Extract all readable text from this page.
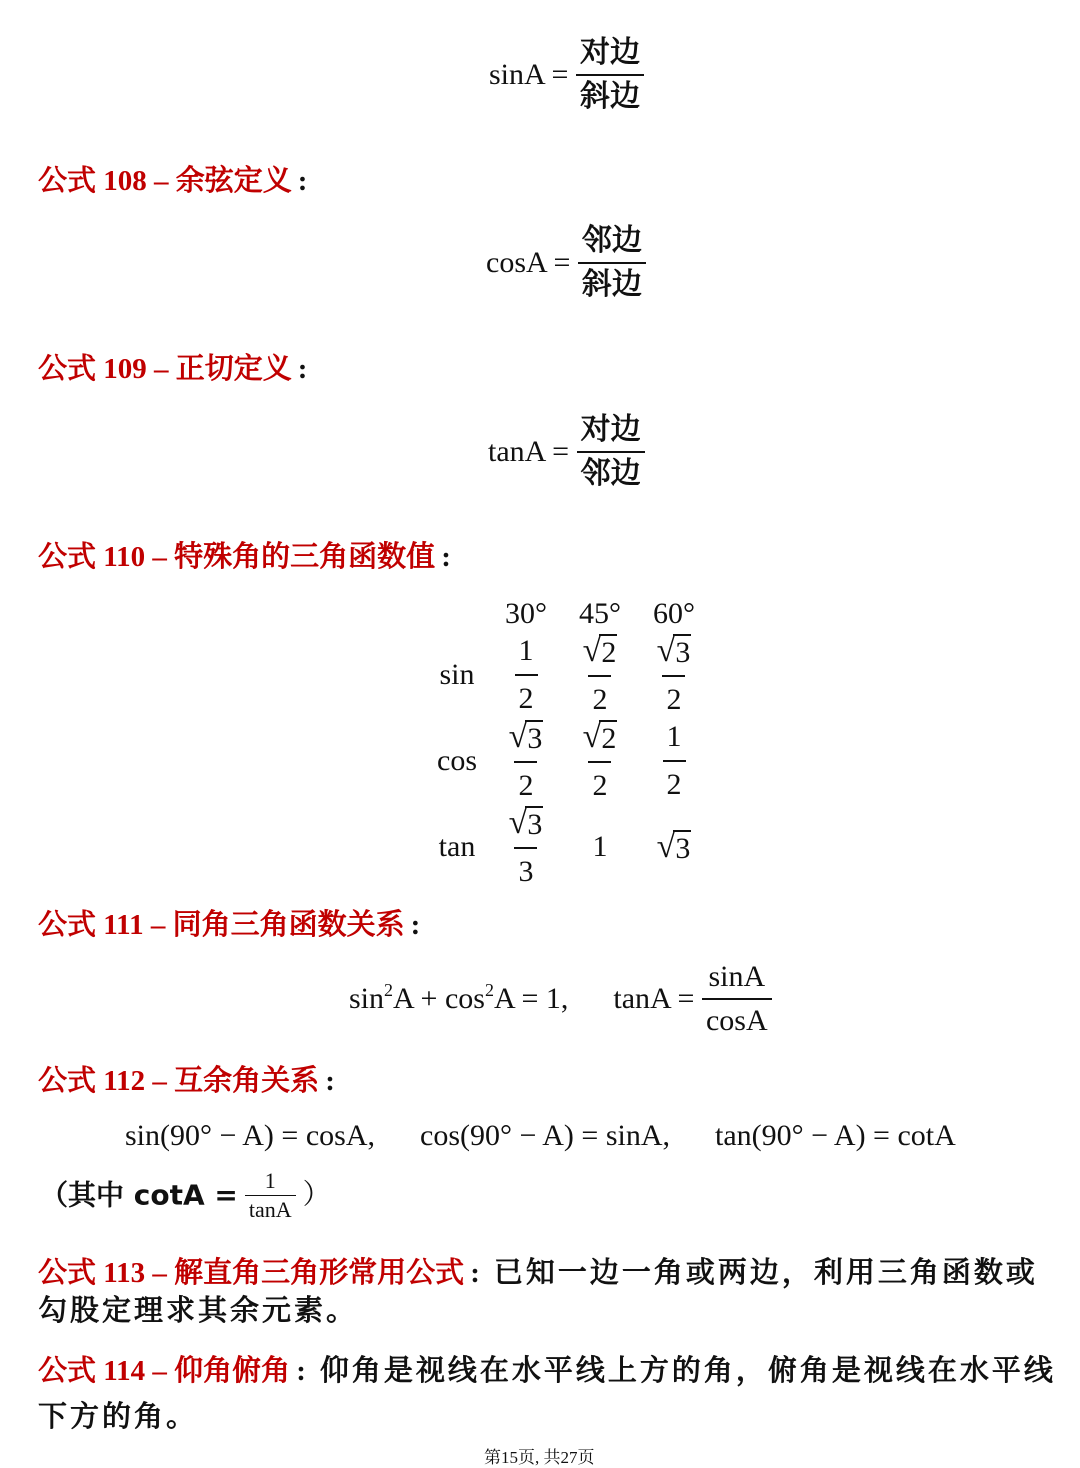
$\sin A = \frac{\text{对边}}{\text{斜边}}$
公式 108 – 余弦定义 :
$\cos A = \frac{\text{邻边}}{\text{斜边}}$
公式 109 – 正切定义 :
$\tan A = \frac{\text{对边}}{\text{邻边}}$
公式 110 – 特殊角的三角函数值 :
	30°	45°	60°
sin	$\frac{1}{2}$	$\frac{√ 2}{2}$	$\frac{√ 3}{2}$

cos	$\frac{√ 3}{2}$	$\frac{√ 2}{2}$	$\frac{1}{2}$

tan	$\frac{√ 3}{3}$	1	√ 3
公式 111 – 同角三角函数关系 :
$\sin^2A + \cos^2A = 1$, $\tan A = \frac{\sin A}{\cos A}$
公式 112 – 互余角关系 :
sin(90° − A) = cosA, cos(90° − A) = sinA, tan(90° − A) = cotA
（其中 $\cot A = \frac{1}{\tan A}$ ）
公式 113 – 解直角三角形常用公式 : 已知一边一角或两边，利用三角函数或
勾股定理求其余元素。
公式 114 – 仰角俯角 : 仰角是视线在水平线上方的角，俯角是视线在水平线
下方的角。
第15页, 共27页
